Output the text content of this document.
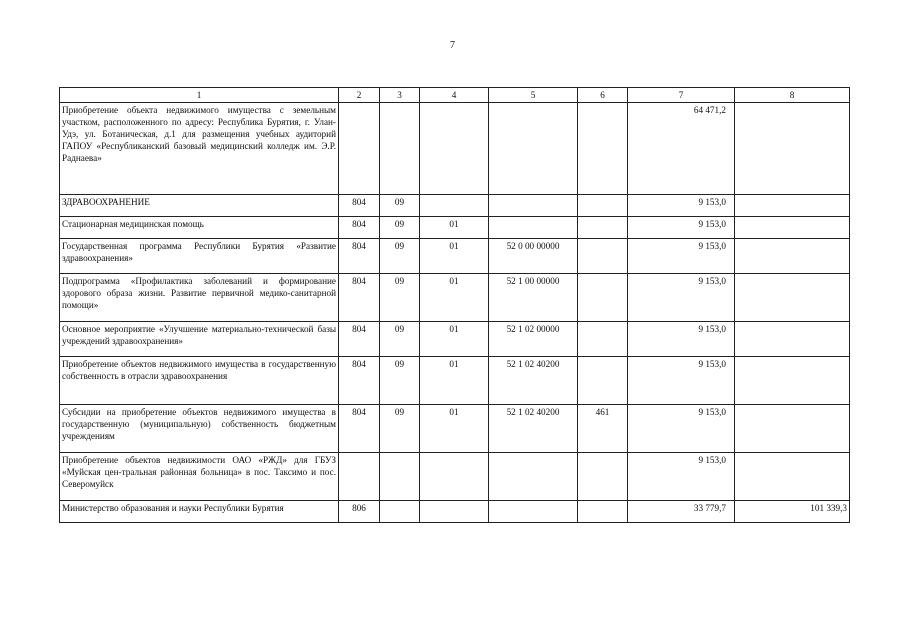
7
1	2	3	4	5	6	7	8
Приобретение объекта недвижимого имущества с земельным участком, расположенного по адресу: Республика Бурятия, г. Улан-Удэ, ул. Ботаническая, д.1 для размещения учебных аудиторий ГАПОУ «Республиканский базовый медицинский колледж им. Э.Р. Раднаева»						64 471,2	
ЗДРАВООХРАНЕНИЕ	804	09				9 153,0	
Стационарная медицинская помощь	804	09	01			9 153,0	
Государственная программа Республики Бурятия «Развитие здравоохранения»	804	09	01	52 0 00 00000		9 153,0	
Подпрограмма «Профилактика заболеваний и формирование здорового образа жизни. Развитие первичной медико-санитарной помощи»	804	09	01	52 1 00 00000		9 153,0	
Основное мероприятие «Улучшение материально-технической базы учреждений здравоохранения»	804	09	01	52 1 02 00000		9 153,0	
Приобретение объектов недвижимого имущества в государственную собственность в отрасли здравоохранения	804	09	01	52 1 02 40200		9 153,0	
Субсидии на приобретение объектов недвижимого имущества в государственную (муниципальную) собственность бюджетным учреждениям	804	09	01	52 1 02 40200	461	9 153,0	
Приобретение объектов недвижимости ОАО «РЖД» для ГБУЗ «Муйская цен-тральная районная больница» в пос. Таксимо и пос. Северомуйск						9 153,0	
Министерство образования и науки Республики Бурятия	806					33 779,7	101 339,3
